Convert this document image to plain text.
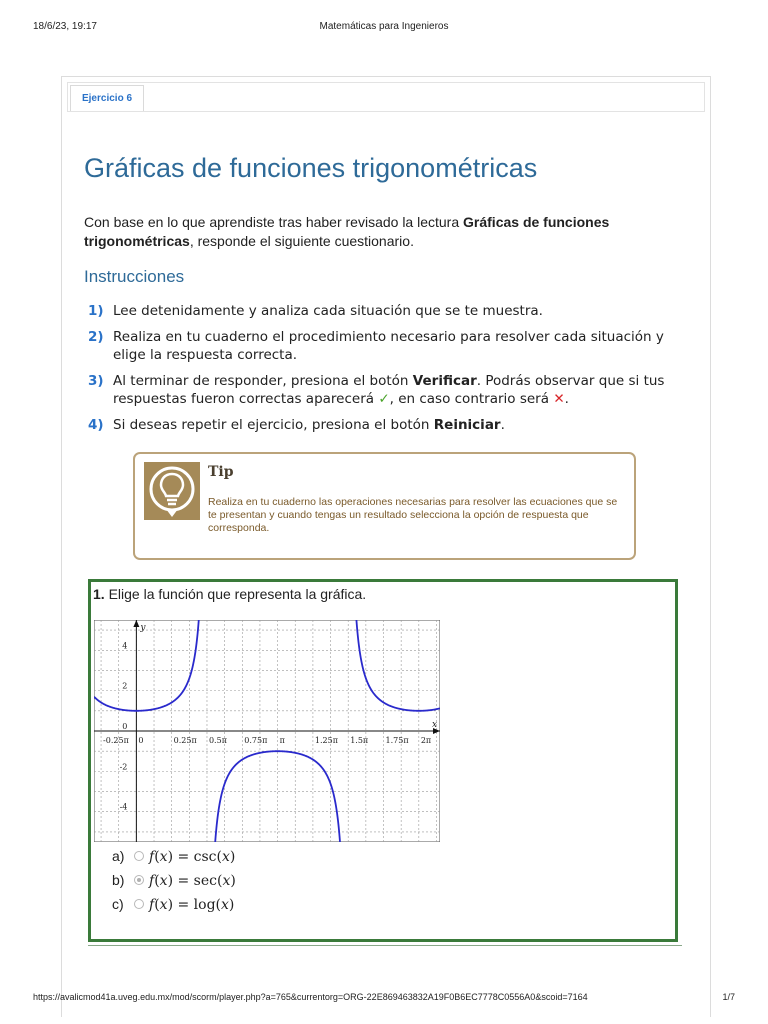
18/6/23, 19:17	Matemáticas para Ingenieros
Ejercicio 6
Gráficas de funciones trigonométricas
Con base en lo que aprendiste tras haber revisado la lectura Gráficas de funciones trigonométricas, responde el siguiente cuestionario.
Instrucciones
1) Lee detenidamente y analiza cada situación que se te muestra.
2) Realiza en tu cuaderno el procedimiento necesario para resolver cada situación y elige la respuesta correcta.
3) Al terminar de responder, presiona el botón Verificar. Podrás observar que si tus respuestas fueron correctas aparecerá ✓, en caso contrario será ✕.
4) Si deseas repetir el ejercicio, presiona el botón Reiniciar.
Tip
Realiza en tu cuaderno las operaciones necesarias para resolver las ecuaciones que se te presentan y cuando tengas un resultado selecciona la opción de respuesta que corresponda.
1. Elige la función que representa la gráfica.
-0.25π 0	0.25π 0.5π 0.75π π	1.25π 1.5π 1.75π 2π
4
2
0
-2
-4
x
y
a) f(x) = csc(x)
b) f(x) = sec(x)
c) f(x) = log(x)
https://avalicmod41a.uveg.edu.mx/mod/scorm/player.php?a=765&currentorg=ORG-22E869463832A19F0B6EC7778C0556A0&scoid=7164	1/7
